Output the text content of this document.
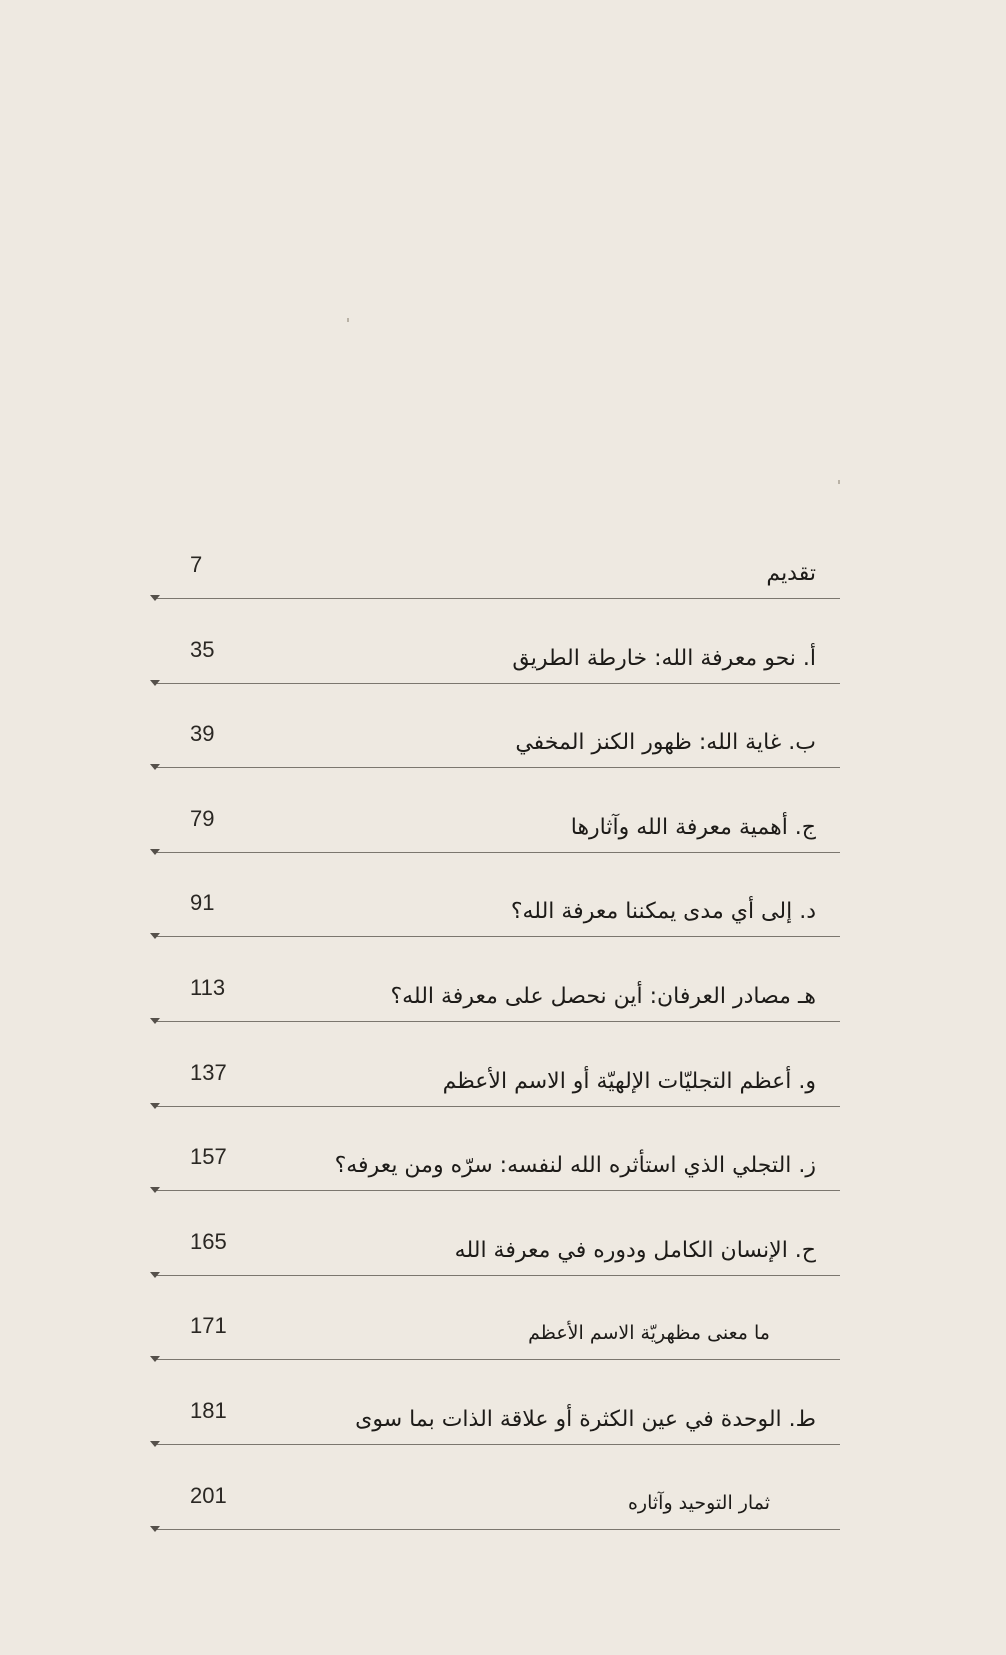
7	تقديم
35	أ. نحو معرفة الله: خارطة الطريق
39	ب. غاية الله: ظهور الكنز المخفي
79	ج. أهمية معرفة الله وآثارها
91	د. إلى أي مدى يمكننا معرفة الله؟
113	هـ مصادر العرفان: أين نحصل على معرفة الله؟
137	و. أعظم التجليّات الإلهيّة أو الاسم الأعظم
157	ز. التجلي الذي استأثره الله لنفسه: سرّه ومن يعرفه؟
165	ح. الإنسان الكامل ودوره في معرفة الله
171	ما معنى مظهريّة الاسم الأعظم
181	ط. الوحدة في عين الكثرة أو علاقة الذات بما سوى
201	ثمار التوحيد وآثاره
